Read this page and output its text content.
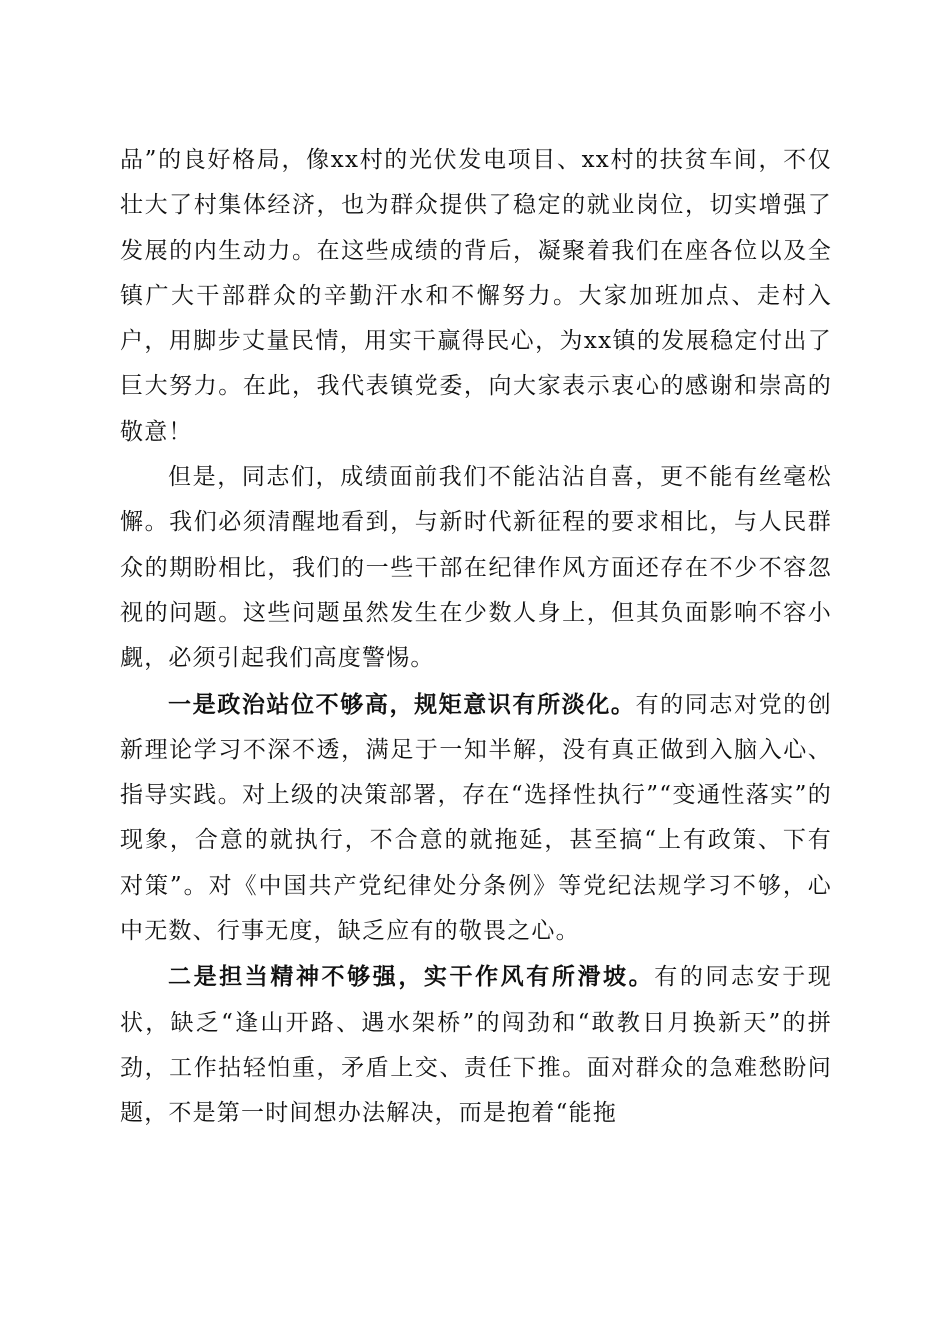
品”的良好格局，像xx村的光伏发电项目、xx村的扶贫车间，不仅壮大了村集体经济，也为群众提供了稳定的就业岗位，切实增强了发展的内生动力。在这些成绩的背后，凝聚着我们在座各位以及全镇广大干部群众的辛勤汗水和不懈努力。大家加班加点、走村入户，用脚步丈量民情，用实干赢得民心，为xx镇的发展稳定付出了巨大努力。在此，我代表镇党委，向大家表示衷心的感谢和崇高的敬意！

但是，同志们，成绩面前我们不能沾沾自喜，更不能有丝毫松懈。我们必须清醒地看到，与新时代新征程的要求相比，与人民群众的期盼相比，我们的一些干部在纪律作风方面还存在不少不容忽视的问题。这些问题虽然发生在少数人身上，但其负面影响不容小觑，必须引起我们高度警惕。

一是政治站位不够高，规矩意识有所淡化。有的同志对党的创新理论学习不深不透，满足于一知半解，没有真正做到入脑入心、指导实践。对上级的决策部署，存在“选择性执行”“变通性落实”的现象，合意的就执行，不合意的就拖延，甚至搞“上有政策、下有对策”。对《中国共产党纪律处分条例》等党纪法规学习不够，心中无数、行事无度，缺乏应有的敬畏之心。

二是担当精神不够强，实干作风有所滑坡。有的同志安于现状，缺乏“逢山开路、遇水架桥”的闯劲和“敢教日月换新天”的拼劲，工作拈轻怕重，矛盾上交、责任下推。面对群众的急难愁盼问题，不是第一时间想办法解决，而是抱着“能拖
